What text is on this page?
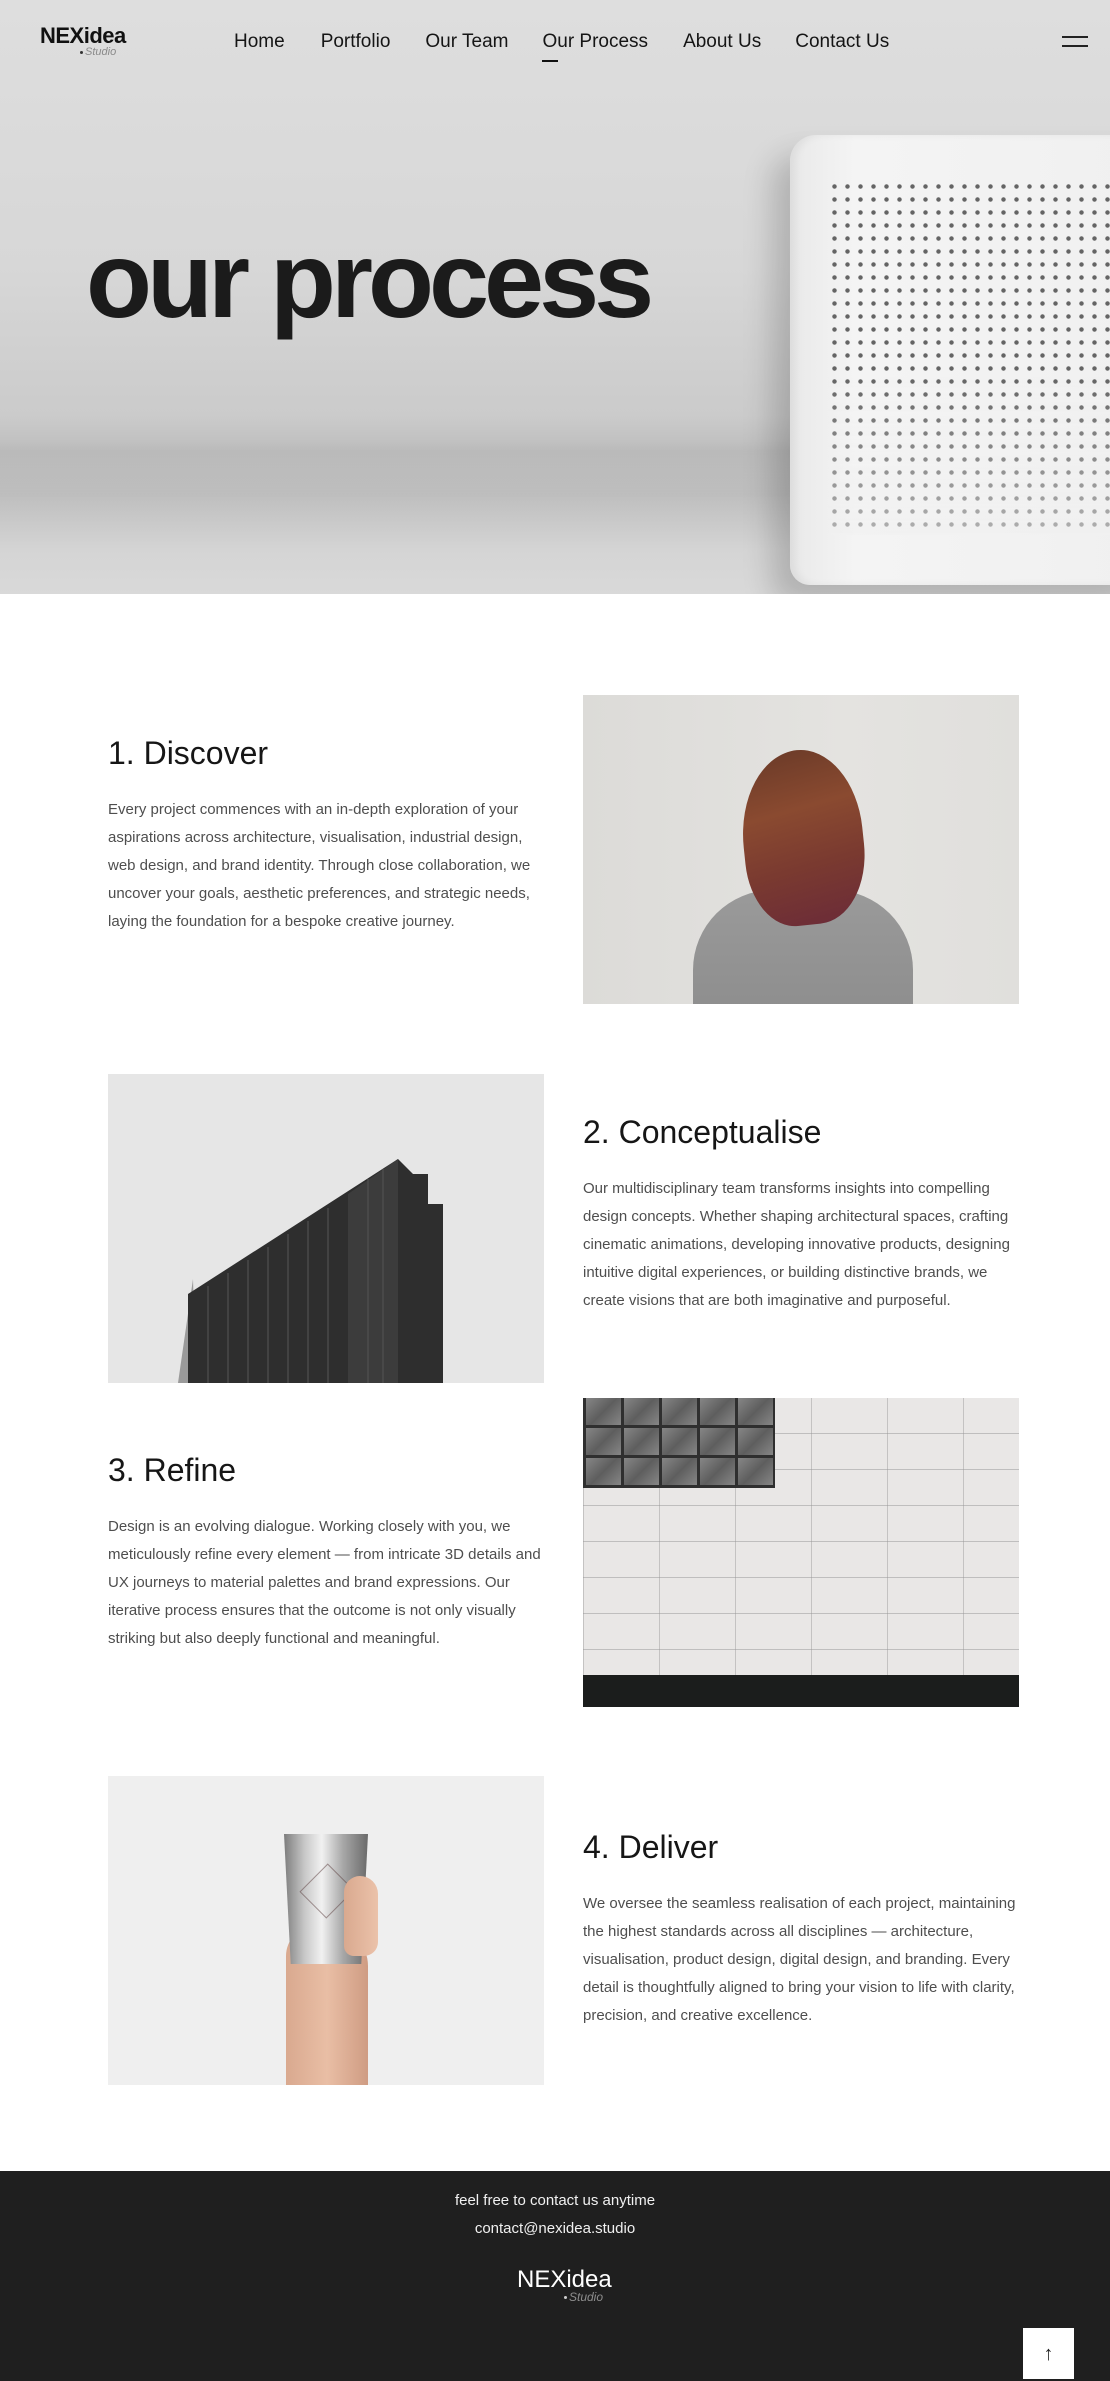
NEXidea
Studio	Home Portfolio Our Team Our Process About Us Contact Us
our process
1. Discover

Every project commences with an in-depth exploration of your aspirations across architecture, visualisation, industrial design, web design, and brand identity. Through close collaboration, we uncover your goals, aesthetic preferences, and strategic needs, laying the foundation for a bespoke creative journey.

2. Conceptualise

Our multidisciplinary team transforms insights into compelling design concepts. Whether shaping architectural spaces, crafting cinematic animations, developing innovative products, designing intuitive digital experiences, or building distinctive brands, we create visions that are both imaginative and purposeful.

3. Refine

Design is an evolving dialogue. Working closely with you, we meticulously refine every element — from intricate 3D details and UX journeys to material palettes and brand expressions. Our iterative process ensures that the outcome is not only visually striking but also deeply functional and meaningful.

4. Deliver

We oversee the seamless realisation of each project, maintaining the highest standards across all disciplines — architecture, visualisation, product design, digital design, and branding. Every detail is thoughtfully aligned to bring your vision to life with clarity, precision, and creative excellence.

feel free to contact us anytime
contact@nexidea.studio
NEXidea
Studio
↑
